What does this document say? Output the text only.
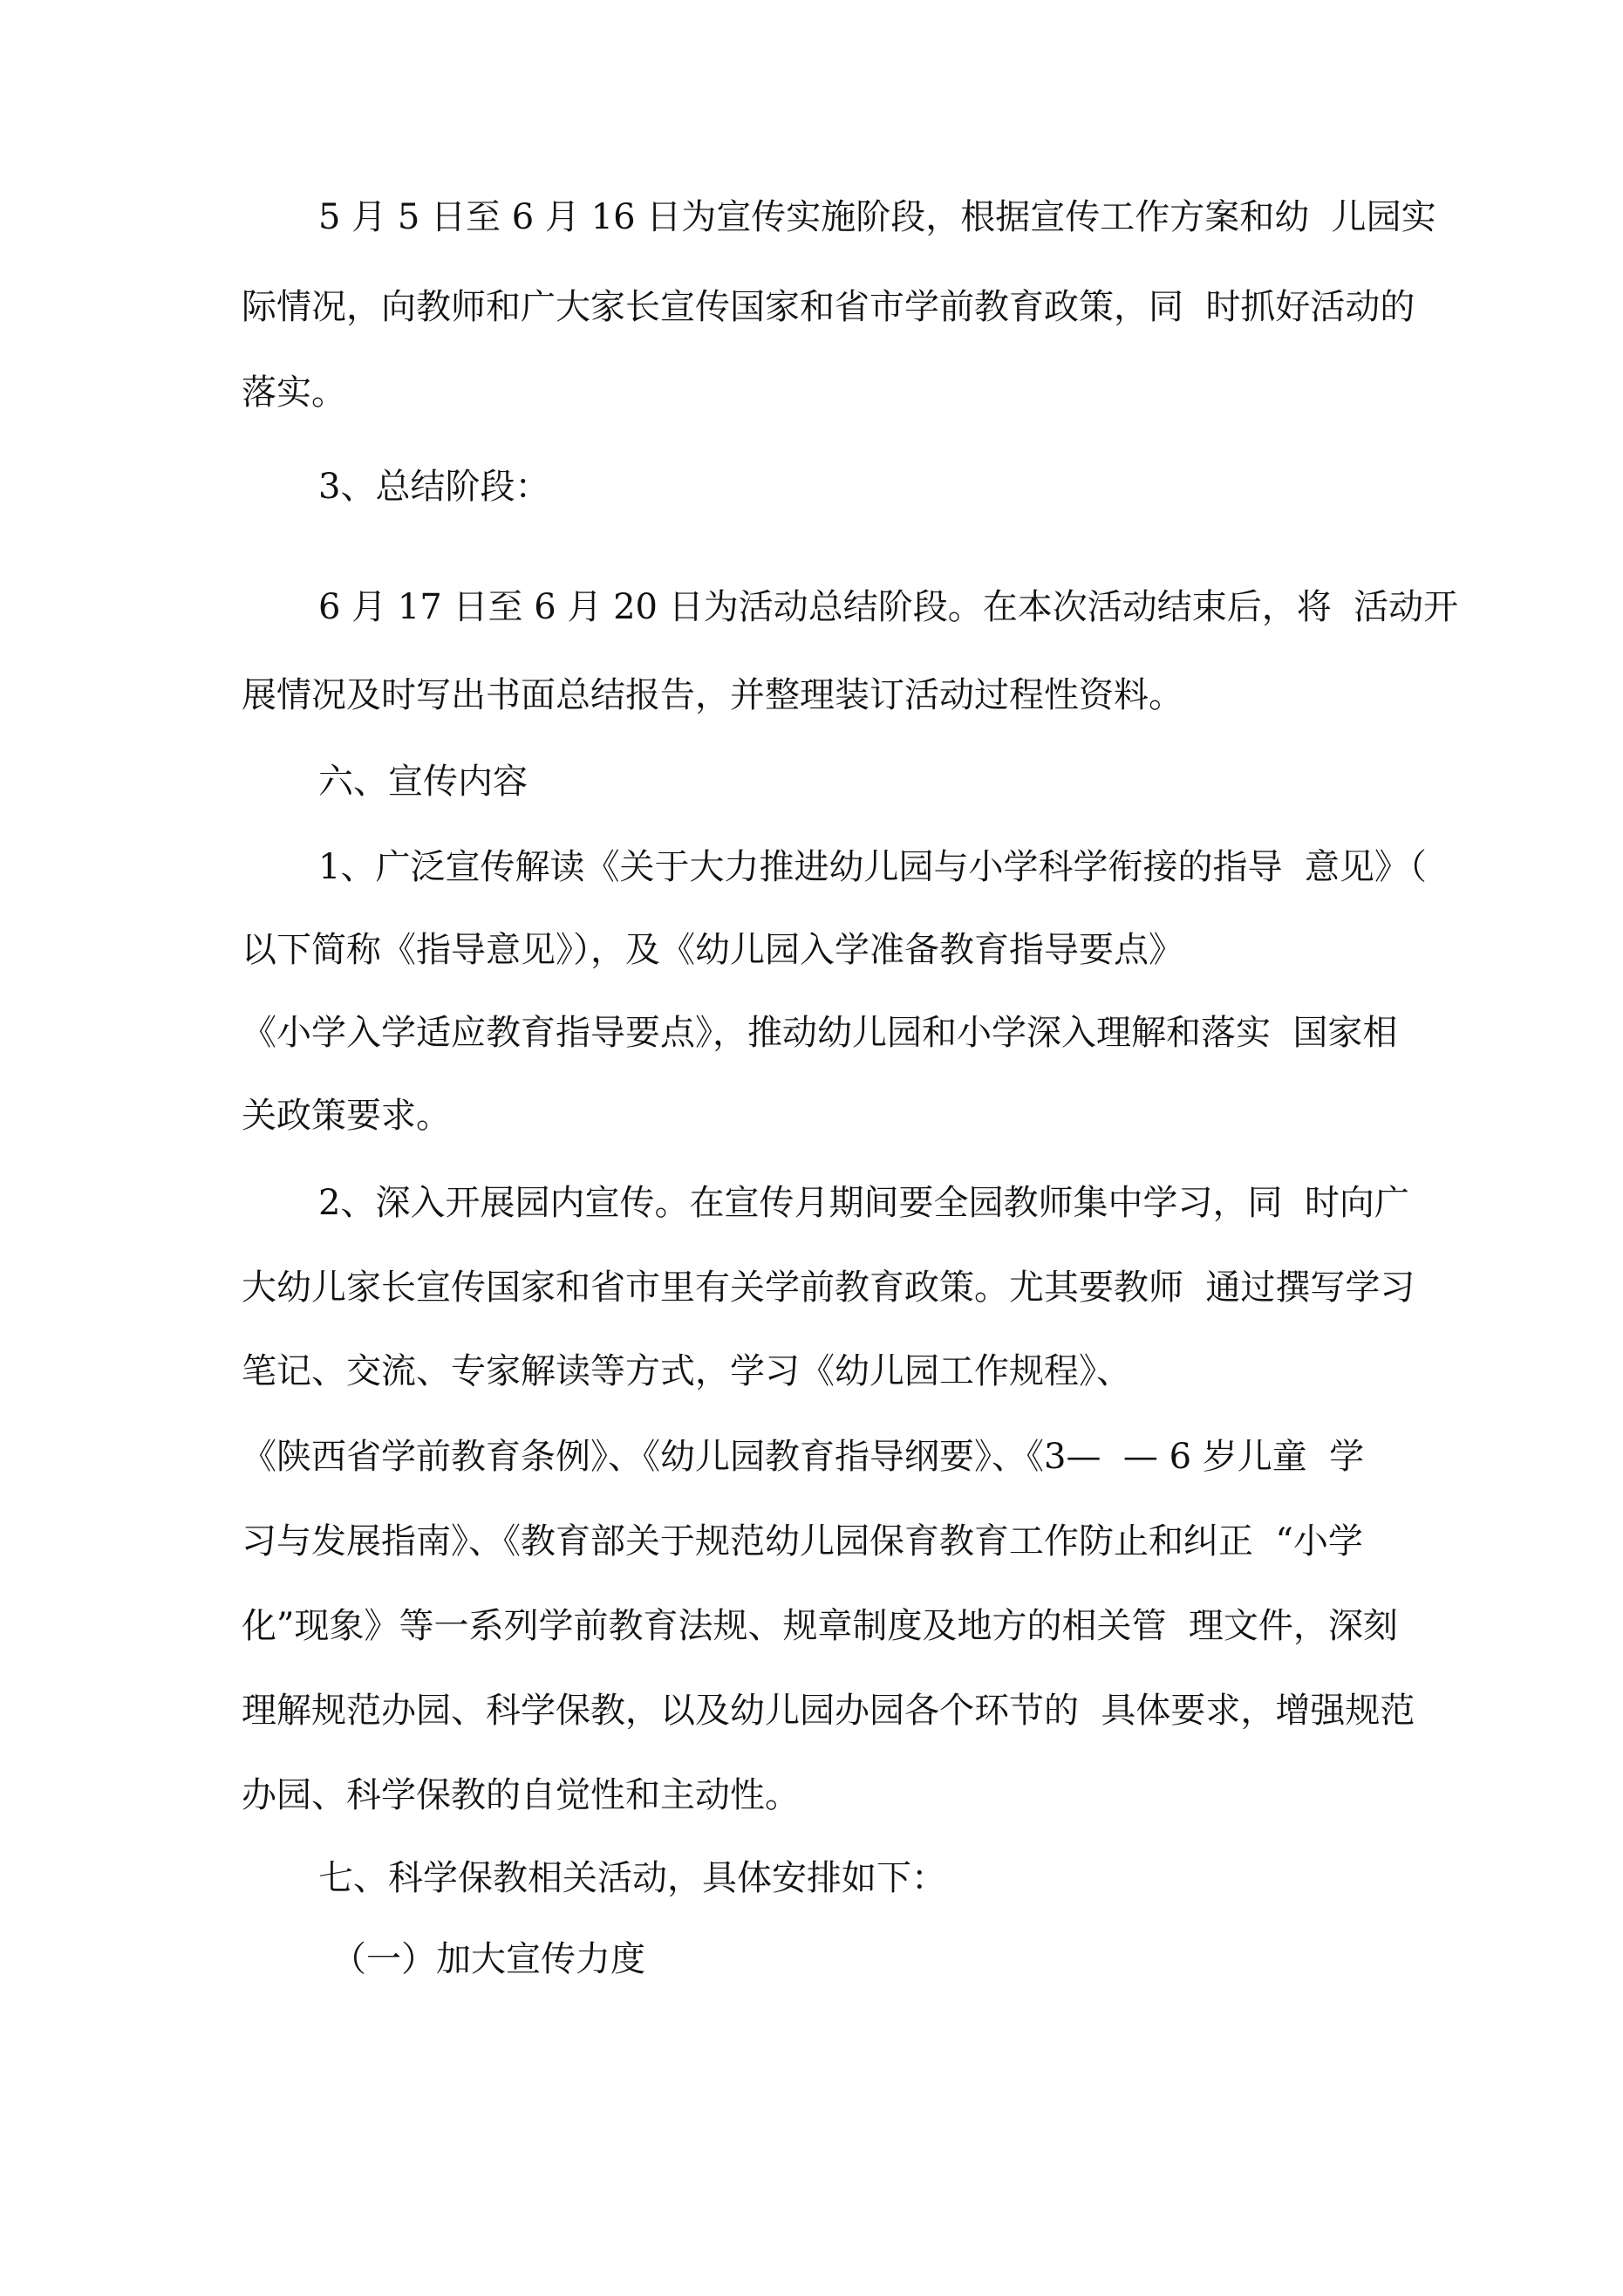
5 月 5 日至 6 月 16 日为宣传实施阶段，根据宣传工作方案和幼  儿园实
际情况，向教师和广大家长宣传国家和省市学前教育政策，同  时抓好活动的
落实。
3、总结阶段：
6 月 17 日至 6 月 20 日为活动总结阶段。在本次活动结束后，将  活动开
展情况及时写出书面总结报告，并整理装订活动过程性资料。
六、宣传内容
1、广泛宣传解读《关于大力推进幼儿园与小学科学衔接的指导  意见》（
以下简称《指导意见》），及《幼儿园入学准备教育指导要点》
《小学入学适应教育指导要点》，推动幼儿园和小学深入理解和落实  国家相
关政策要求。
2、深入开展园内宣传。在宣传月期间要全园教师集中学习，同  时向广
大幼儿家长宣传国家和省市里有关学前教育政策。尤其要教师  通过撰写学习
笔记、交流、专家解读等方式，学习《幼儿园工作规程》、
《陕西省学前教育条例》、《幼儿园教育指导纲要》、《3—  — 6 岁儿童  学
习与发展指南》、《教育部关于规范幼儿园保育教育工作防止和纠正  “小学
化”现象》等一系列学前教育法规、规章制度及地方的相关管  理文件，深刻
理解规范办园、科学保教，以及幼儿园办园各个环节的  具体要求，增强规范
办园、科学保教的自觉性和主动性。
七、科学保教相关活动，具体安排如下：
（一）加大宣传力度
